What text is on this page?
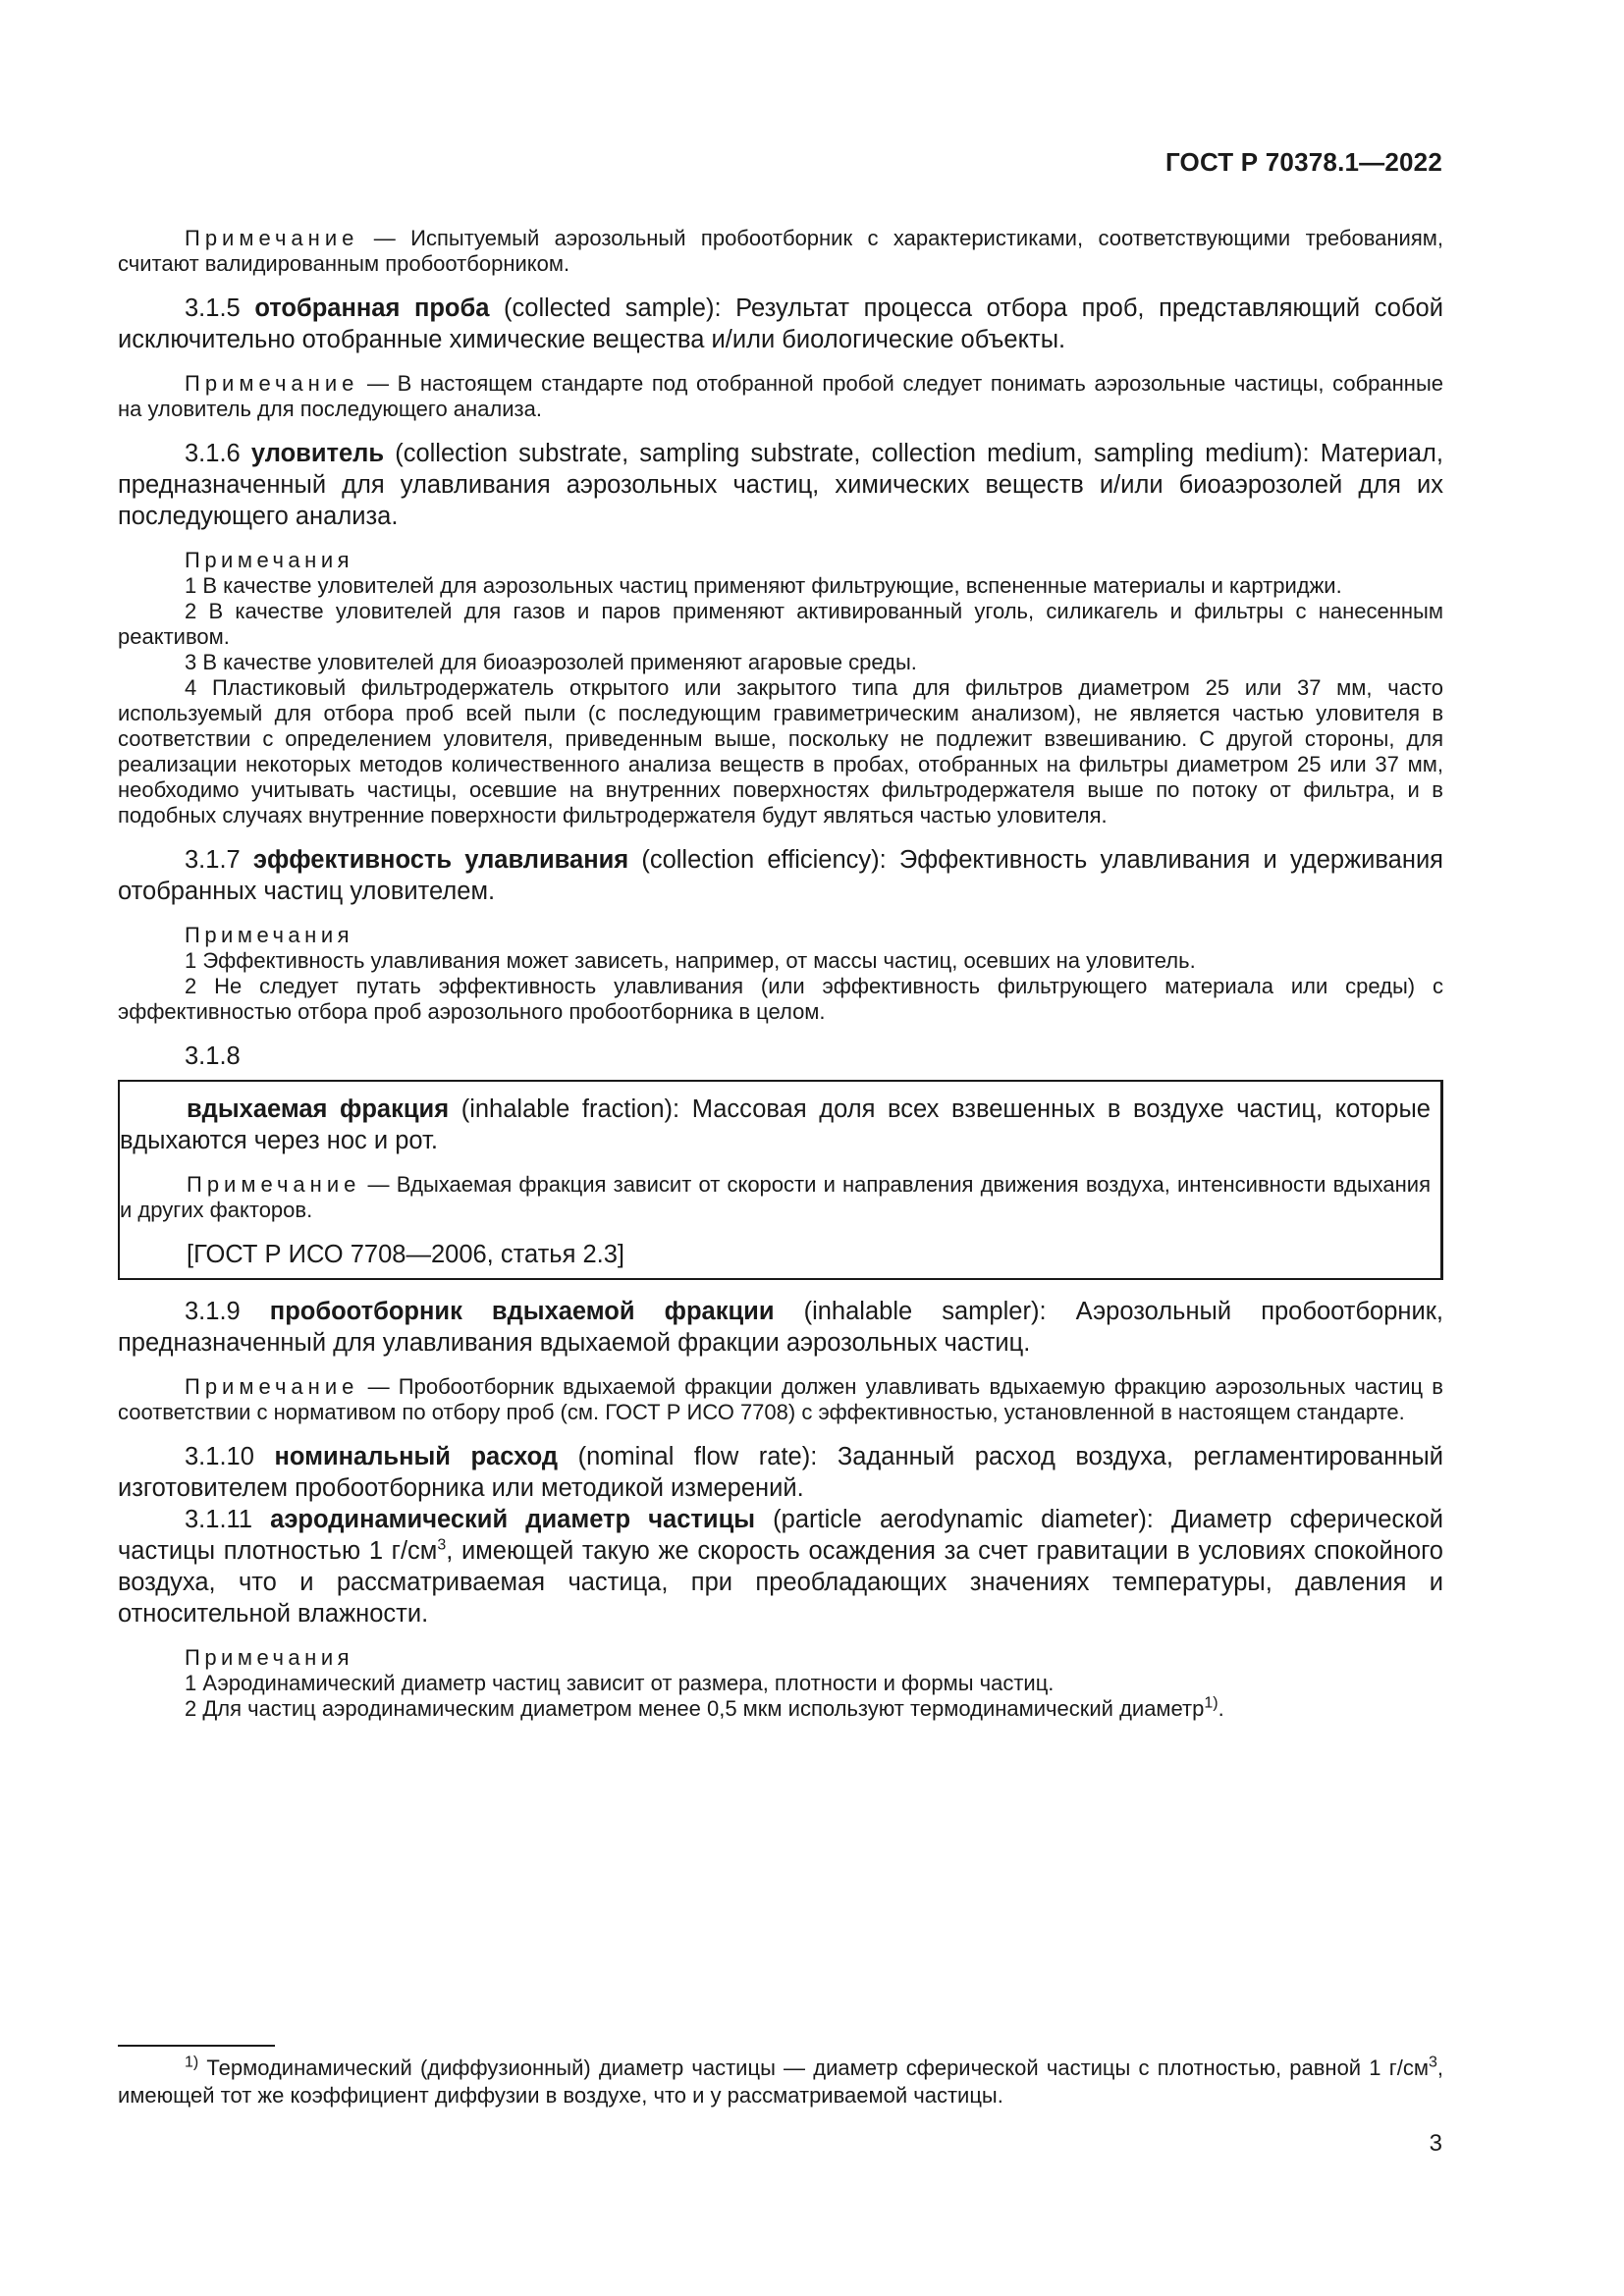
ГОСТ Р 70378.1—2022

Примечание — Испытуемый аэрозольный пробоотборник с характеристиками, соответствующими требованиям, считают валидированным пробоотборником.

3.1.5 отобранная проба (collected sample): Результат процесса отбора проб, представляющий собой исключительно отобранные химические вещества и/или биологические объекты.

Примечание — В настоящем стандарте под отобранной пробой следует понимать аэрозольные частицы, собранные на уловитель для последующего анализа.

3.1.6 уловитель (collection substrate, sampling substrate, collection medium, sampling medium): Материал, предназначенный для улавливания аэрозольных частиц, химических веществ и/или биоаэрозолей для их последующего анализа.

Примечания

1 В качестве уловителей для аэрозольных частиц применяют фильтрующие, вспененные материалы и картриджи.

2 В качестве уловителей для газов и паров применяют активированный уголь, силикагель и фильтры с нанесенным реактивом.

3 В качестве уловителей для биоаэрозолей применяют агаровые среды.

4 Пластиковый фильтродержатель открытого или закрытого типа для фильтров диаметром 25 или 37 мм, часто используемый для отбора проб всей пыли (с последующим гравиметрическим анализом), не является частью уловителя в соответствии с определением уловителя, приведенным выше, поскольку не подлежит взвешиванию. С другой стороны, для реализации некоторых методов количественного анализа веществ в пробах, отобранных на фильтры диаметром 25 или 37 мм, необходимо учитывать частицы, осевшие на внутренних поверхностях фильтродержателя выше по потоку от фильтра, и в подобных случаях внутренние поверхности фильтродержателя будут являться частью уловителя.

3.1.7 эффективность улавливания (collection efficiency): Эффективность улавливания и удерживания отобранных частиц уловителем.

Примечания

1 Эффективность улавливания может зависеть, например, от массы частиц, осевших на уловитель.

2 Не следует путать эффективность улавливания (или эффективность фильтрующего материала или среды) с эффективностью отбора проб аэрозольного пробоотборника в целом.

3.1.8

вдыхаемая фракция (inhalable fraction): Массовая доля всех взвешенных в воздухе частиц, которые вдыхаются через нос и рот.

Примечание — Вдыхаемая фракция зависит от скорости и направления движения воздуха, интенсивности вдыхания и других факторов.

[ГОСТ Р ИСО 7708—2006, статья 2.3]

3.1.9 пробоотборник вдыхаемой фракции (inhalable sampler): Аэрозольный пробоотборник, предназначенный для улавливания вдыхаемой фракции аэрозольных частиц.

Примечание — Пробоотборник вдыхаемой фракции должен улавливать вдыхаемую фракцию аэрозольных частиц в соответствии с нормативом по отбору проб (см. ГОСТ Р ИСО 7708) с эффективностью, установленной в настоящем стандарте.

3.1.10 номинальный расход (nominal flow rate): Заданный расход воздуха, регламентированный изготовителем пробоотборника или методикой измерений.

3.1.11 аэродинамический диаметр частицы (particle aerodynamic diameter): Диаметр сферической частицы плотностью 1 $г/см^3$, имеющей такую же скорость осаждения за счет гравитации в условиях спокойного воздуха, что и рассматриваемая частица, при преобладающих значениях температуры, давления и относительной влажности.

Примечания

1 Аэродинамический диаметр частиц зависит от размера, плотности и формы частиц.

2 Для частиц аэродинамическим диаметром менее 0,5 мкм используют термодинамический диаметр$^{1)}$.

$^{1)}$ Термодинамический (диффузионный) диаметр частицы — диаметр сферической частицы с плотностью, равной 1 $г/см^3$, имеющей тот же коэффициент диффузии в воздухе, что и у рассматриваемой частицы.

3
